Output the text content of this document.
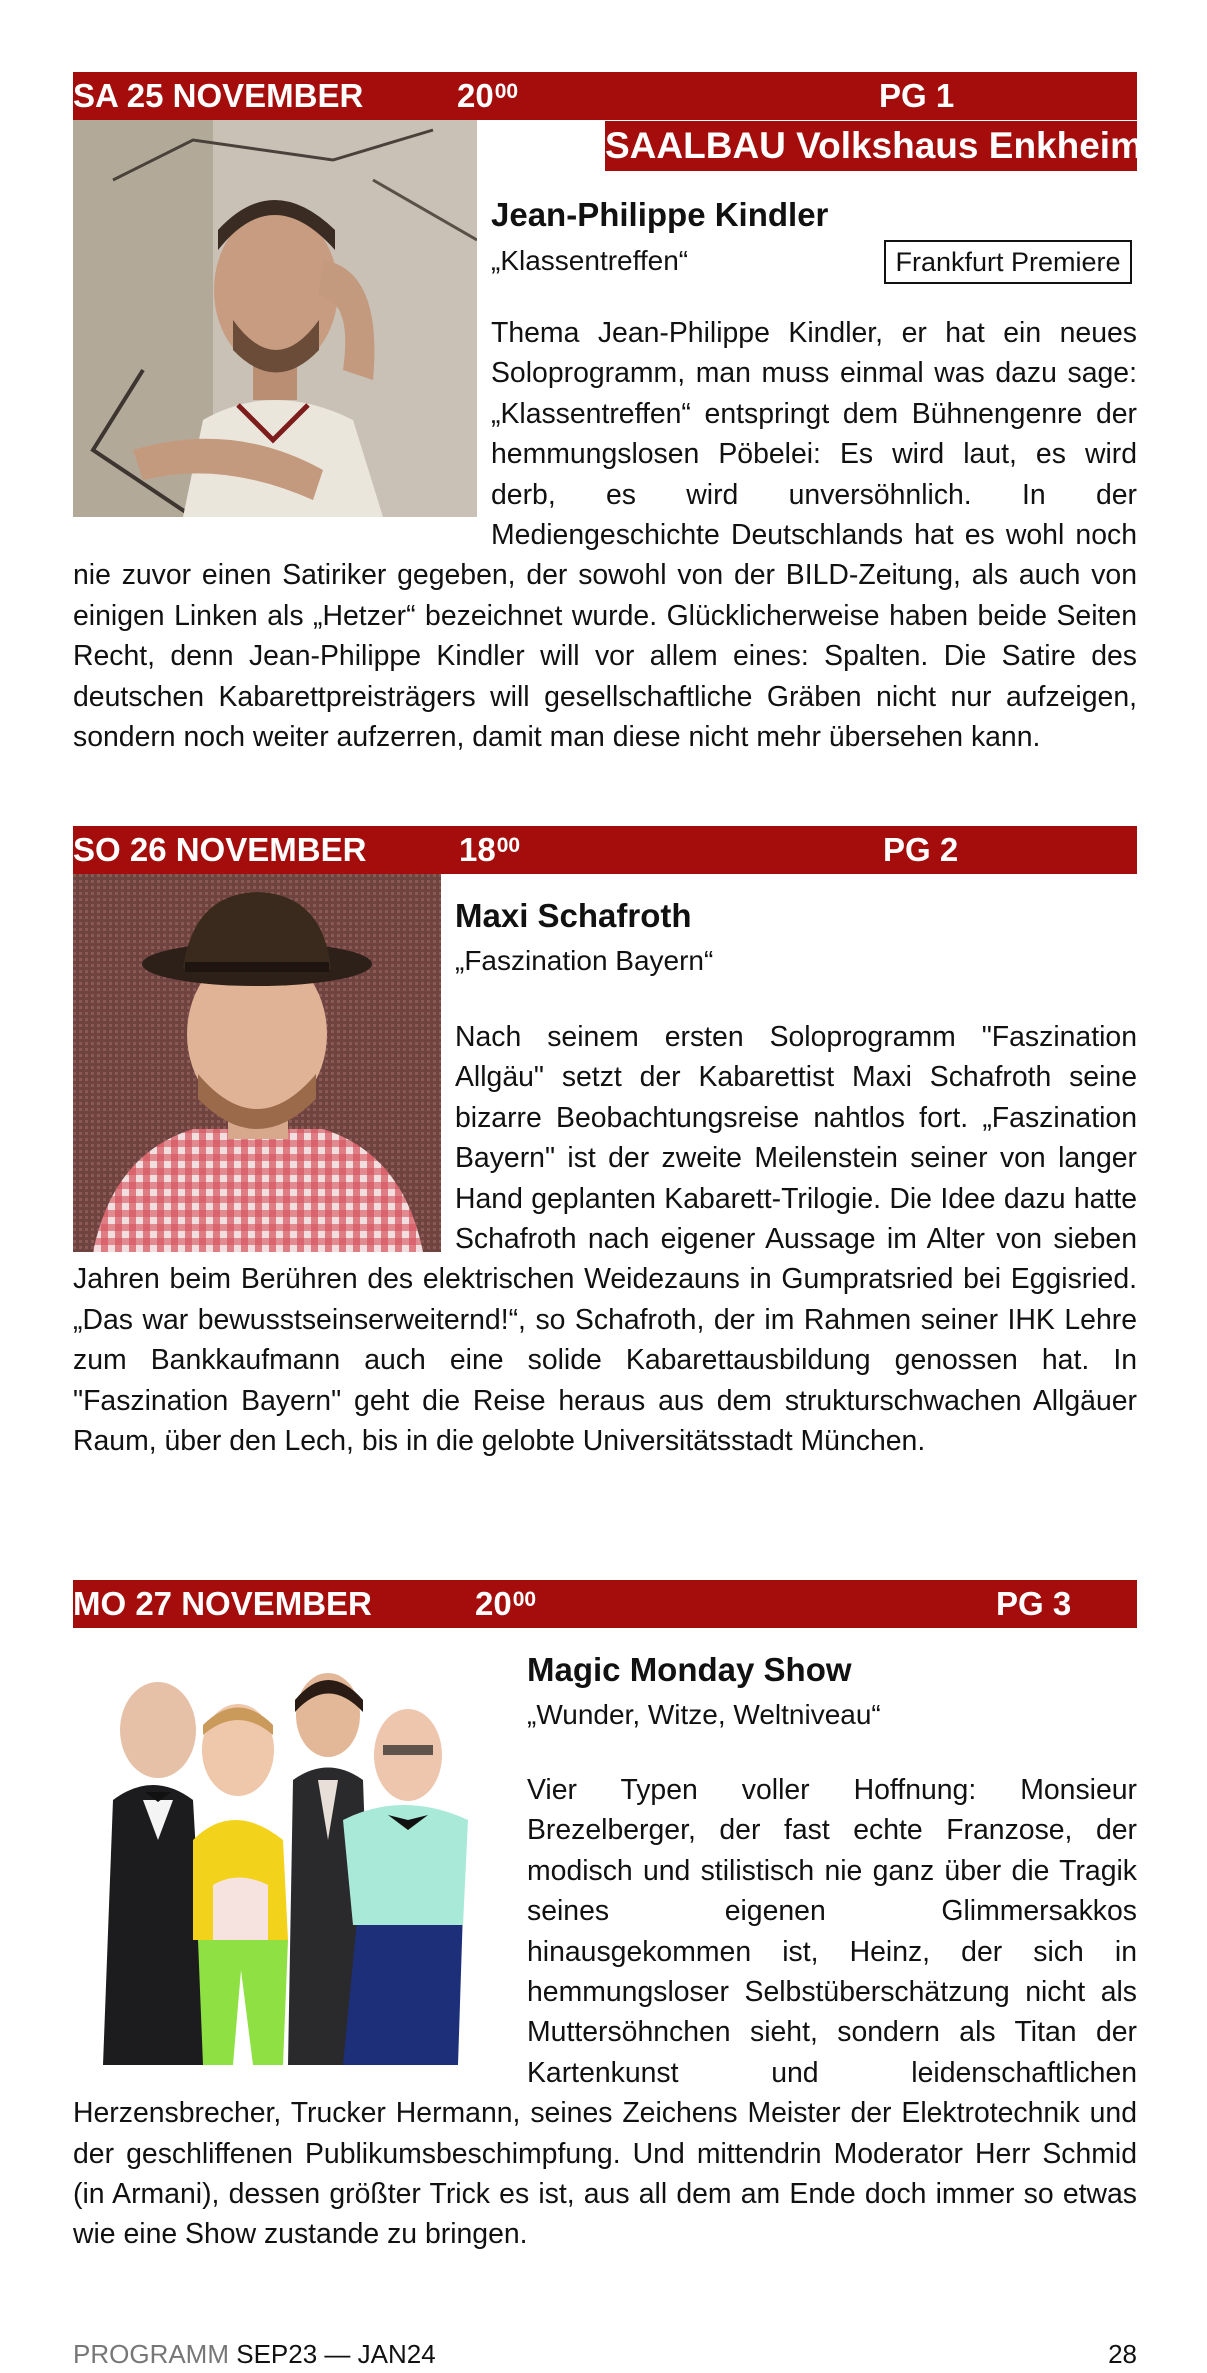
SA 25 NOVEMBER	$20^{00}$	PG 1
SAALBAU Volkshaus Enkheim
Jean-Philippe Kindler
„Klassentreffen“	Frankfurt Premiere

Thema Jean-Philippe Kindler, er hat ein neues Soloprogramm, man muss einmal was dazu sage: „Klassentreffen“ entspringt dem Bühnengenre der hemmungslosen Pöbelei: Es wird laut, es wird derb, es wird unversöhnlich. In der Mediengeschichte Deutschlands hat es wohl noch nie zuvor einen Satiriker gegeben, der sowohl von der BILD-Zeitung, als auch von einigen Linken als „Hetzer“ bezeichnet wurde. Glücklicherweise haben beide Seiten Recht, denn Jean-Philippe Kindler will vor allem eines: Spalten. Die Satire des deutschen Kabarettpreisträgers will gesellschaftliche Gräben nicht nur aufzeigen, sondern noch weiter aufzerren, damit man diese nicht mehr übersehen kann.

SO 26 NOVEMBER	$18^{00}$	PG 2
Maxi Schafroth
„Faszination Bayern“

Nach seinem ersten Soloprogramm "Faszination Allgäu" setzt der Kabarettist Maxi Schafroth seine bizarre Beobachtungsreise nahtlos fort. „Faszination Bayern" ist der zweite Meilenstein seiner von langer Hand geplanten Kabarett-Trilogie. Die Idee dazu hatte Schafroth nach eigener Aussage im Alter von sieben Jahren beim Berühren des elektrischen Weidezauns in Gumpratsried bei Eggisried. „Das war bewusstseinserweiternd!“, so Schafroth, der im Rahmen seiner IHK Lehre zum Bankkaufmann auch eine solide Kabarettausbildung genossen hat. In "Faszination Bayern" geht die Reise heraus aus dem strukturschwachen Allgäuer Raum, über den Lech, bis in die gelobte Universitätsstadt München.

MO 27 NOVEMBER	$20^{00}$	PG 3
Magic Monday Show
„Wunder, Witze, Weltniveau“

Vier Typen voller Hoffnung: Monsieur Brezelberger, der fast echte Franzose, der modisch und stilistisch nie ganz über die Tragik seines eigenen Glimmersakkos hinausgekommen ist, Heinz, der sich in hemmungsloser Selbstüberschätzung nicht als Muttersöhnchen sieht, sondern als Titan der Kartenkunst und leidenschaftlichen Herzensbrecher, Trucker Hermann, seines Zeichens Meister der Elektrotechnik und der geschliffenen Publikumsbeschimpfung. Und mittendrin Moderator Herr Schmid (in Armani), dessen größter Trick es ist, aus all dem am Ende doch immer so etwas wie eine Show zustande zu bringen.

PROGRAMM SEP23 — JAN24	28
